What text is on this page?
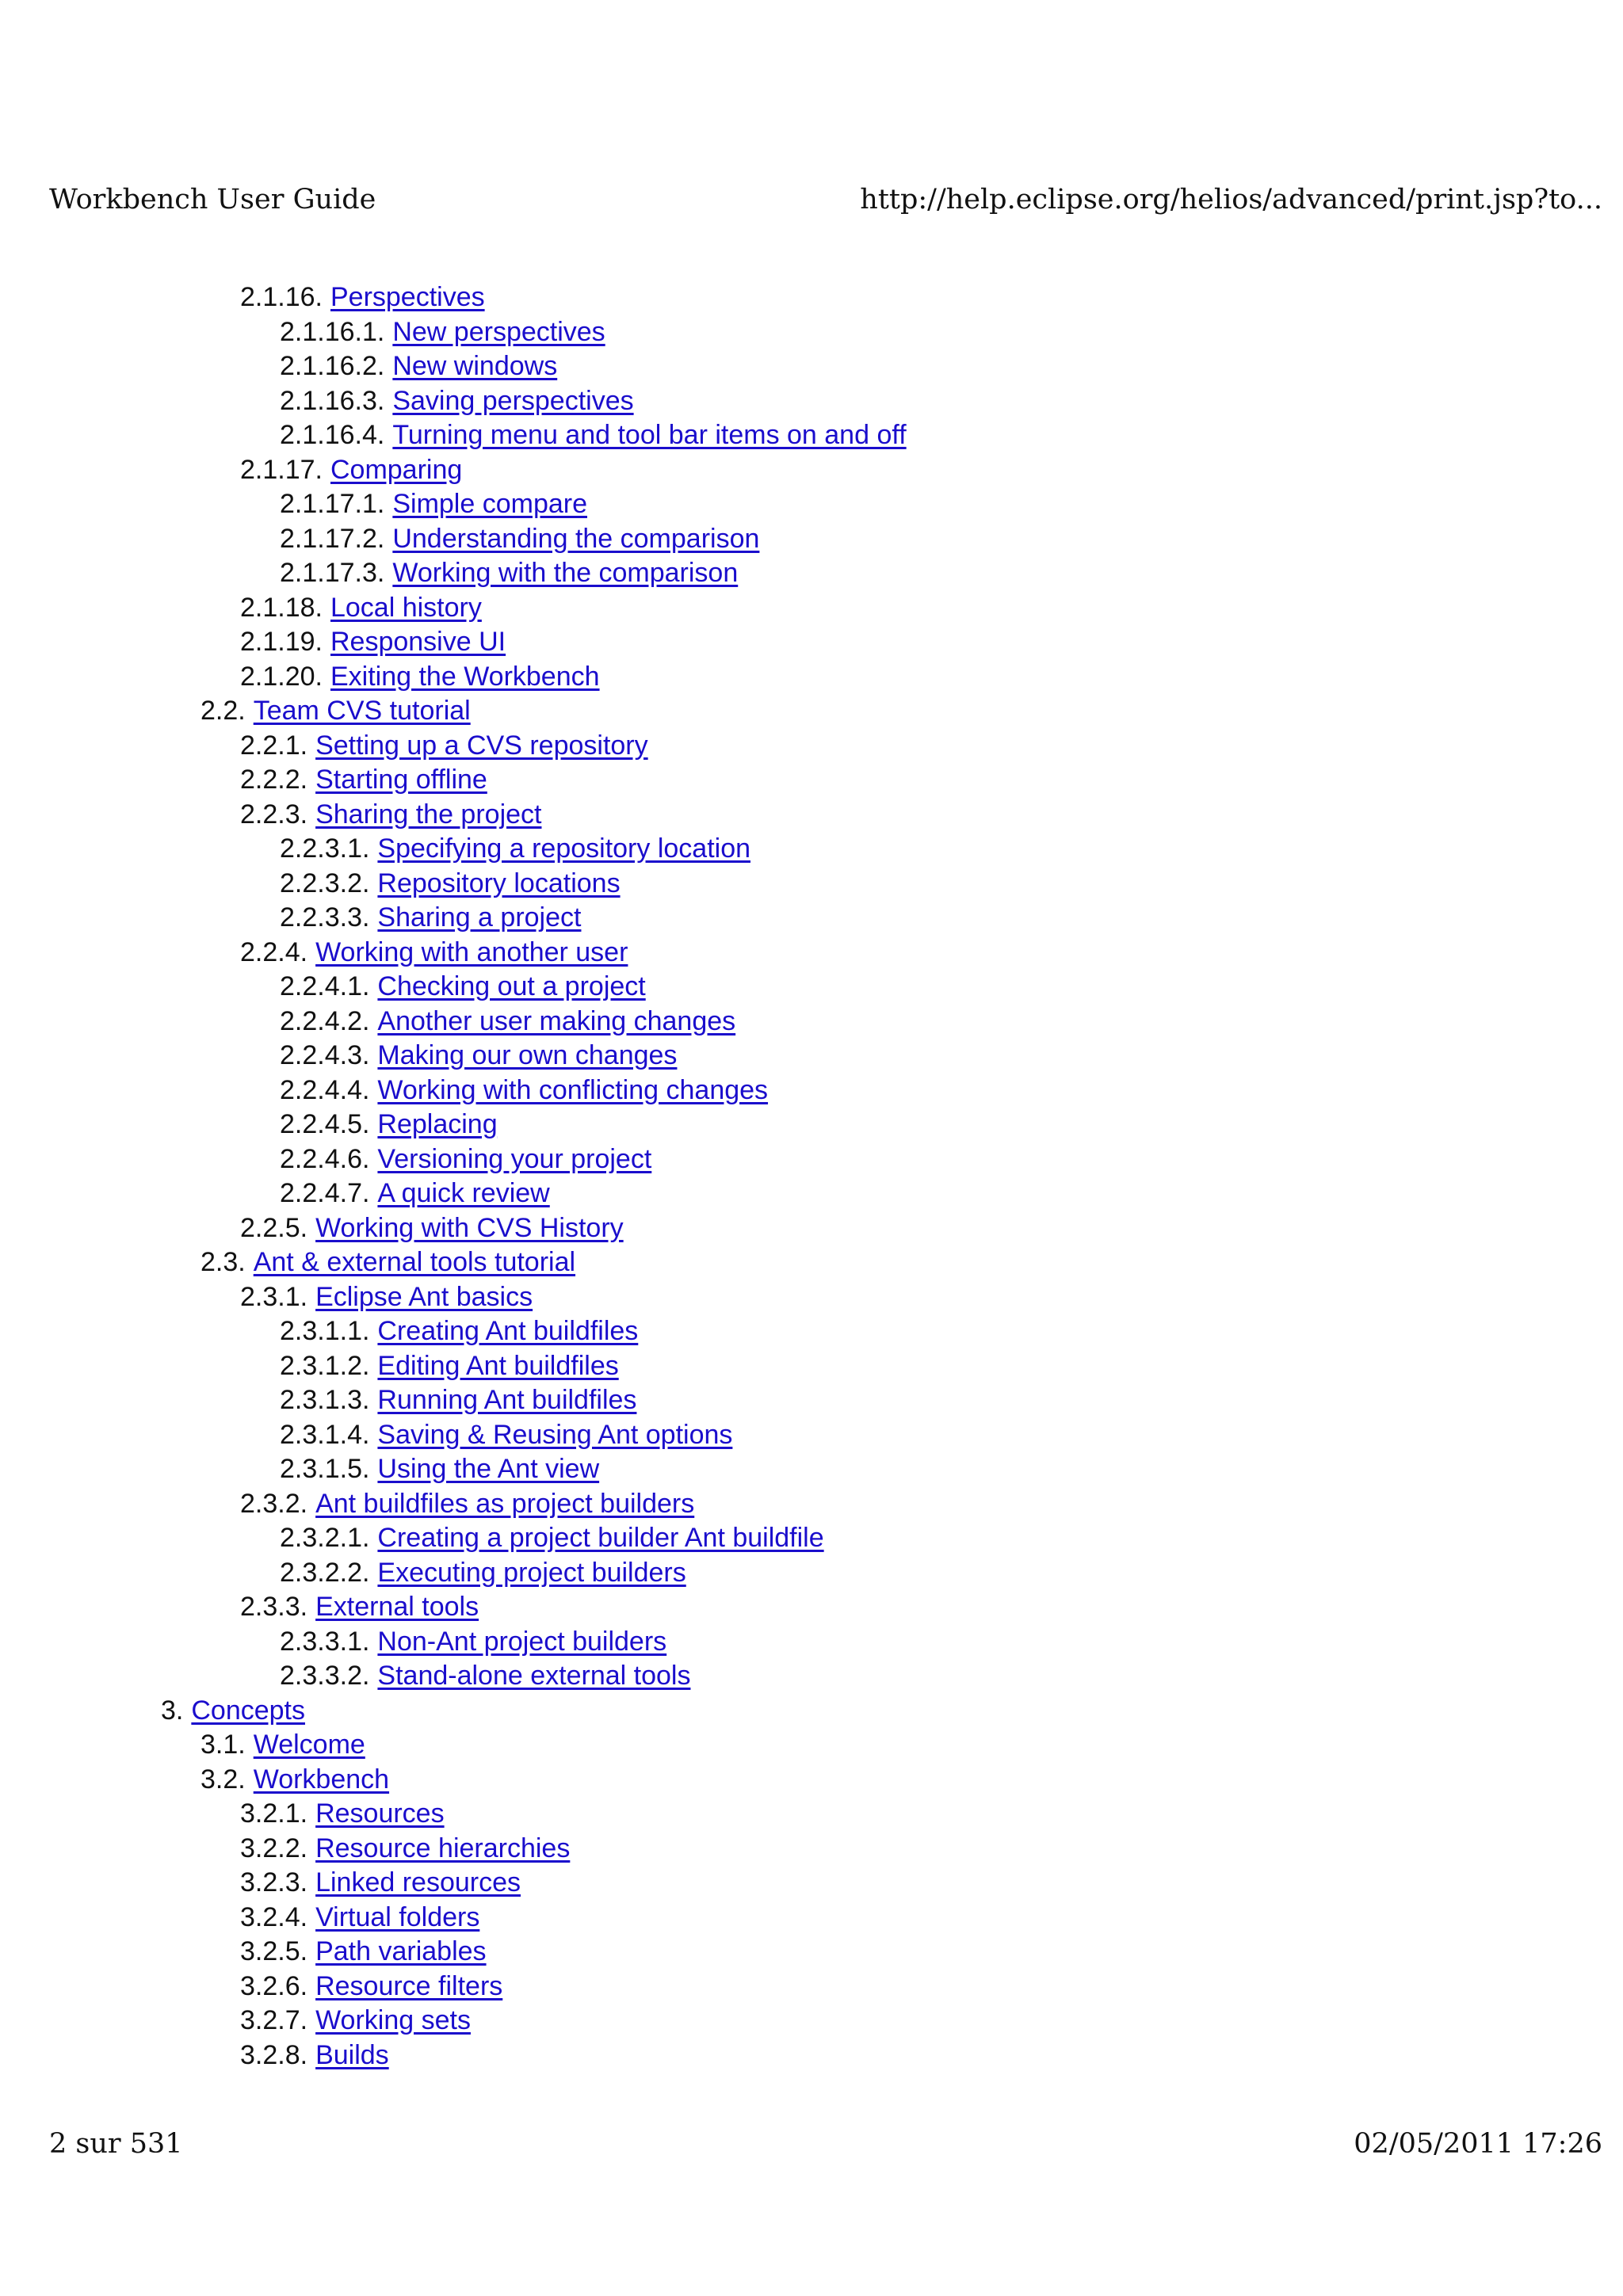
Workbench User Guide	http://help.eclipse.org/helios/advanced/print.jsp?to...
2.1.16. Perspectives
2.1.16.1. New perspectives
2.1.16.2. New windows
2.1.16.3. Saving perspectives
2.1.16.4. Turning menu and tool bar items on and off
2.1.17. Comparing
2.1.17.1. Simple compare
2.1.17.2. Understanding the comparison
2.1.17.3. Working with the comparison
2.1.18. Local history
2.1.19. Responsive UI
2.1.20. Exiting the Workbench
2.2. Team CVS tutorial
2.2.1. Setting up a CVS repository
2.2.2. Starting offline
2.2.3. Sharing the project
2.2.3.1. Specifying a repository location
2.2.3.2. Repository locations
2.2.3.3. Sharing a project
2.2.4. Working with another user
2.2.4.1. Checking out a project
2.2.4.2. Another user making changes
2.2.4.3. Making our own changes
2.2.4.4. Working with conflicting changes
2.2.4.5. Replacing
2.2.4.6. Versioning your project
2.2.4.7. A quick review
2.2.5. Working with CVS History
2.3. Ant & external tools tutorial
2.3.1. Eclipse Ant basics
2.3.1.1. Creating Ant buildfiles
2.3.1.2. Editing Ant buildfiles
2.3.1.3. Running Ant buildfiles
2.3.1.4. Saving & Reusing Ant options
2.3.1.5. Using the Ant view
2.3.2. Ant buildfiles as project builders
2.3.2.1. Creating a project builder Ant buildfile
2.3.2.2. Executing project builders
2.3.3. External tools
2.3.3.1. Non-Ant project builders
2.3.3.2. Stand-alone external tools
3. Concepts
3.1. Welcome
3.2. Workbench
3.2.1. Resources
3.2.2. Resource hierarchies
3.2.3. Linked resources
3.2.4. Virtual folders
3.2.5. Path variables
3.2.6. Resource filters
3.2.7. Working sets
3.2.8. Builds
2 sur 531	02/05/2011 17:26
